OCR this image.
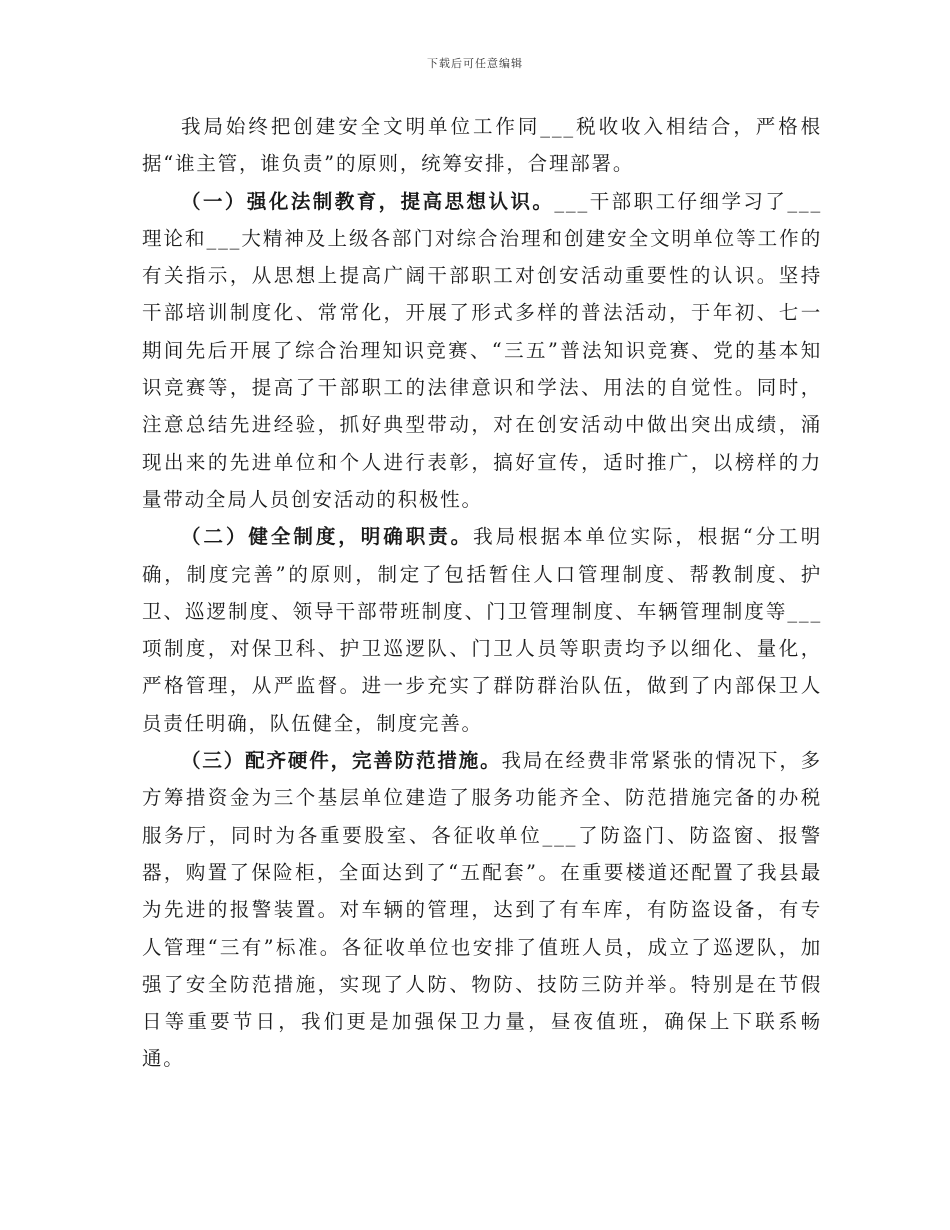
下载后可任意编辑

我局始终把创建安全文明单位工作同___税收收入相结合，严格根据“谁主管，谁负责”的原则，统筹安排，合理部署。

（一）强化法制教育，提高思想认识。___干部职工仔细学习了___理论和___大精神及上级各部门对综合治理和创建安全文明单位等工作的有关指示，从思想上提高广阔干部职工对创安活动重要性的认识。坚持干部培训制度化、常常化，开展了形式多样的普法活动，于年初、七一期间先后开展了综合治理知识竞赛、“三五”普法知识竞赛、党的基本知识竞赛等，提高了干部职工的法律意识和学法、用法的自觉性。同时，注意总结先进经验，抓好典型带动，对在创安活动中做出突出成绩，涌现出来的先进单位和个人进行表彰，搞好宣传，适时推广，以榜样的力量带动全局人员创安活动的积极性。

（二）健全制度，明确职责。我局根据本单位实际，根据“分工明确，制度完善”的原则，制定了包括暂住人口管理制度、帮教制度、护卫、巡逻制度、领导干部带班制度、门卫管理制度、车辆管理制度等___项制度，对保卫科、护卫巡逻队、门卫人员等职责均予以细化、量化，严格管理，从严监督。进一步充实了群防群治队伍，做到了内部保卫人员责任明确，队伍健全，制度完善。

（三）配齐硬件，完善防范措施。我局在经费非常紧张的情况下，多方筹措资金为三个基层单位建造了服务功能齐全、防范措施完备的办税服务厅，同时为各重要股室、各征收单位___了防盗门、防盗窗、报警器，购置了保险柜，全面达到了“五配套”。在重要楼道还配置了我县最为先进的报警装置。对车辆的管理，达到了有车库，有防盗设备，有专人管理“三有”标准。各征收单位也安排了值班人员，成立了巡逻队，加强了安全防范措施，实现了人防、物防、技防三防并举。特别是在节假日等重要节日，我们更是加强保卫力量，昼夜值班，确保上下联系畅通。
